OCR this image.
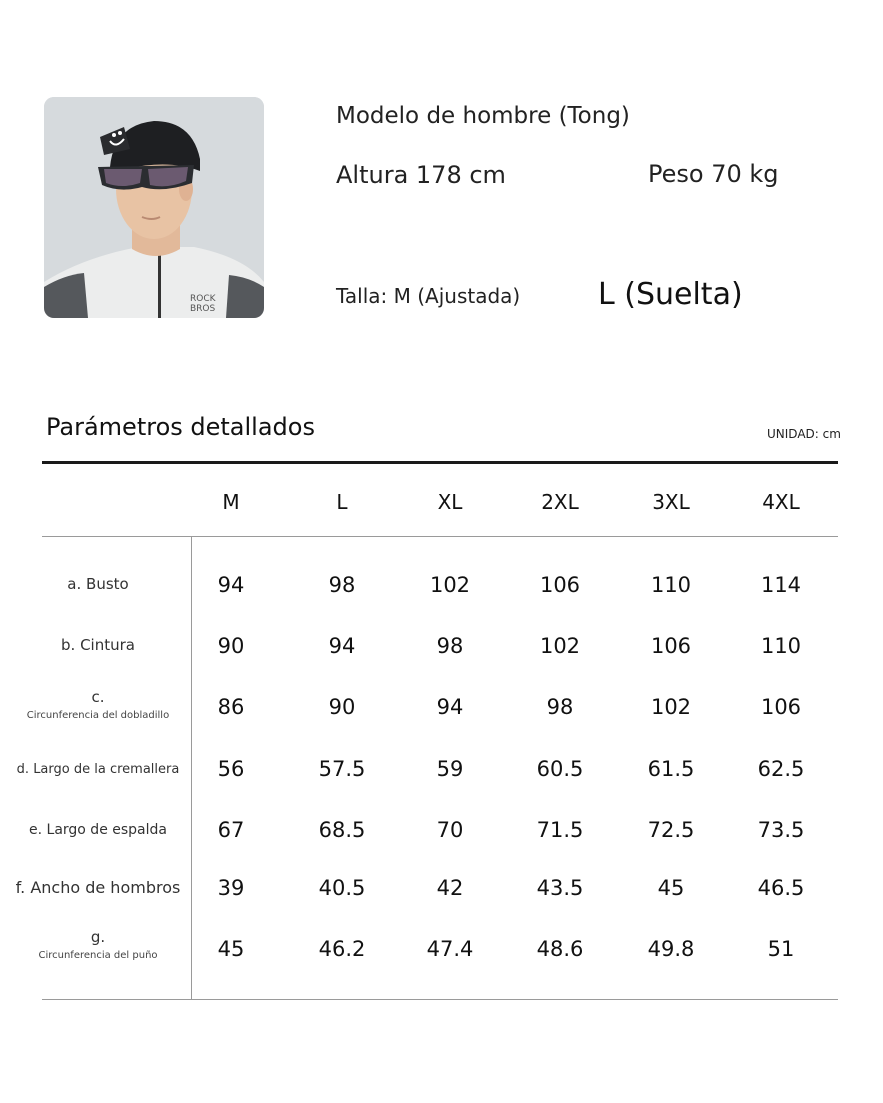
ROCK
BROS
Modelo de hombre (Tong)
Altura 178 cm	Peso 70 kg
Talla: M (Ajustada)	L (Suelta)
Parámetros detallados	UNIDAD: cm
M	L	XL	2XL	3XL	4XL
a. Busto	94	98	102	106	110	114
b. Cintura	90	94	98	102	106	110
c.
Circunferencia del dobladillo	86	90	94	98	102	106
d. Largo de la cremallera	56	57.5	59	60.5	61.5	62.5
e. Largo de espalda	67	68.5	70	71.5	72.5	73.5
f. Ancho de hombros	39	40.5	42	43.5	45	46.5
g.
Circunferencia del puño	45	46.2	47.4	48.6	49.8	51
